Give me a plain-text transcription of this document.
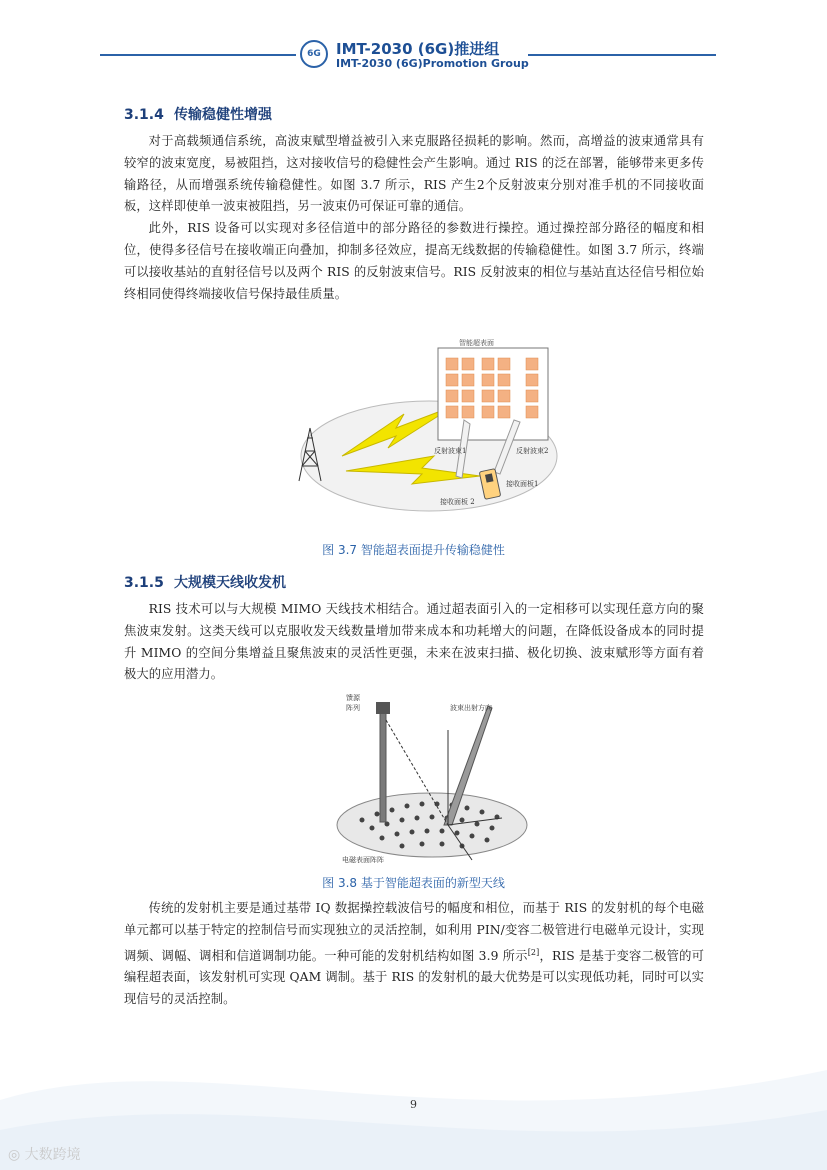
6G	IMT-2030 (6G)推进组
IMT-2030 (6G)Promotion Group
3.1.4 传输稳健性增强

对于高载频通信系统，高波束赋型增益被引入来克服路径损耗的影响。然而，高增益的波束通常具有较窄的波束宽度，易被阻挡，这对接收信号的稳健性会产生影响。通过 RIS 的泛在部署，能够带来更多传输路径，从而增强系统传输稳健性。如图 3.7 所示，RIS 产生2个反射波束分别对准手机的不同接收面板，这样即使单一波束被阻挡，另一波束仍可保证可靠的通信。

此外，RIS 设备可以实现对多径信道中的部分路径的参数进行操控。通过操控部分路径的幅度和相位，使得多径信号在接收端正向叠加，抑制多径效应，提高无线数据的传输稳健性。如图 3.7 所示，终端可以接收基站的直射径信号以及两个 RIS 的反射波束信号。RIS 反射波束的相位与基站直达径信号相位始终相同使得终端接收信号保持最佳质量。

智能超表面
反射波束1	反射波束2
接收面板1
接收面板 2
图 3.7 智能超表面提升传输稳健性
3.1.5 大规模天线收发机

RIS 技术可以与大规模 MIMO 天线技术相结合。通过超表面引入的一定相移可以实现任意方向的聚焦波束发射。这类天线可以克服收发天线数量增加带来成本和功耗增大的问题，在降低设备成本的同时提升 MIMO 的空间分集增益且聚焦波束的灵活性更强，未来在波束扫描、极化切换、波束赋形等方面有着极大的应用潜力。

馈源
阵列	波束出射方向
电磁表面阵阵
图 3.8 基于智能超表面的新型天线

传统的发射机主要是通过基带 IQ 数据操控载波信号的幅度和相位，而基于 RIS 的发射机的每个电磁单元都可以基于特定的控制信号而实现独立的灵活控制，如利用 PIN/变容二极管进行电磁单元设计，实现调频、调幅、调相和信道调制功能。一种可能的发射机结构如图 3.9 所示[2]，RIS 是基于变容二极管的可编程超表面，该发射机可实现 QAM 调制。基于 RIS 的发射机的最大优势是可以实现低功耗，同时可以实现信号的灵活控制。

9
◎ 大数跨境
